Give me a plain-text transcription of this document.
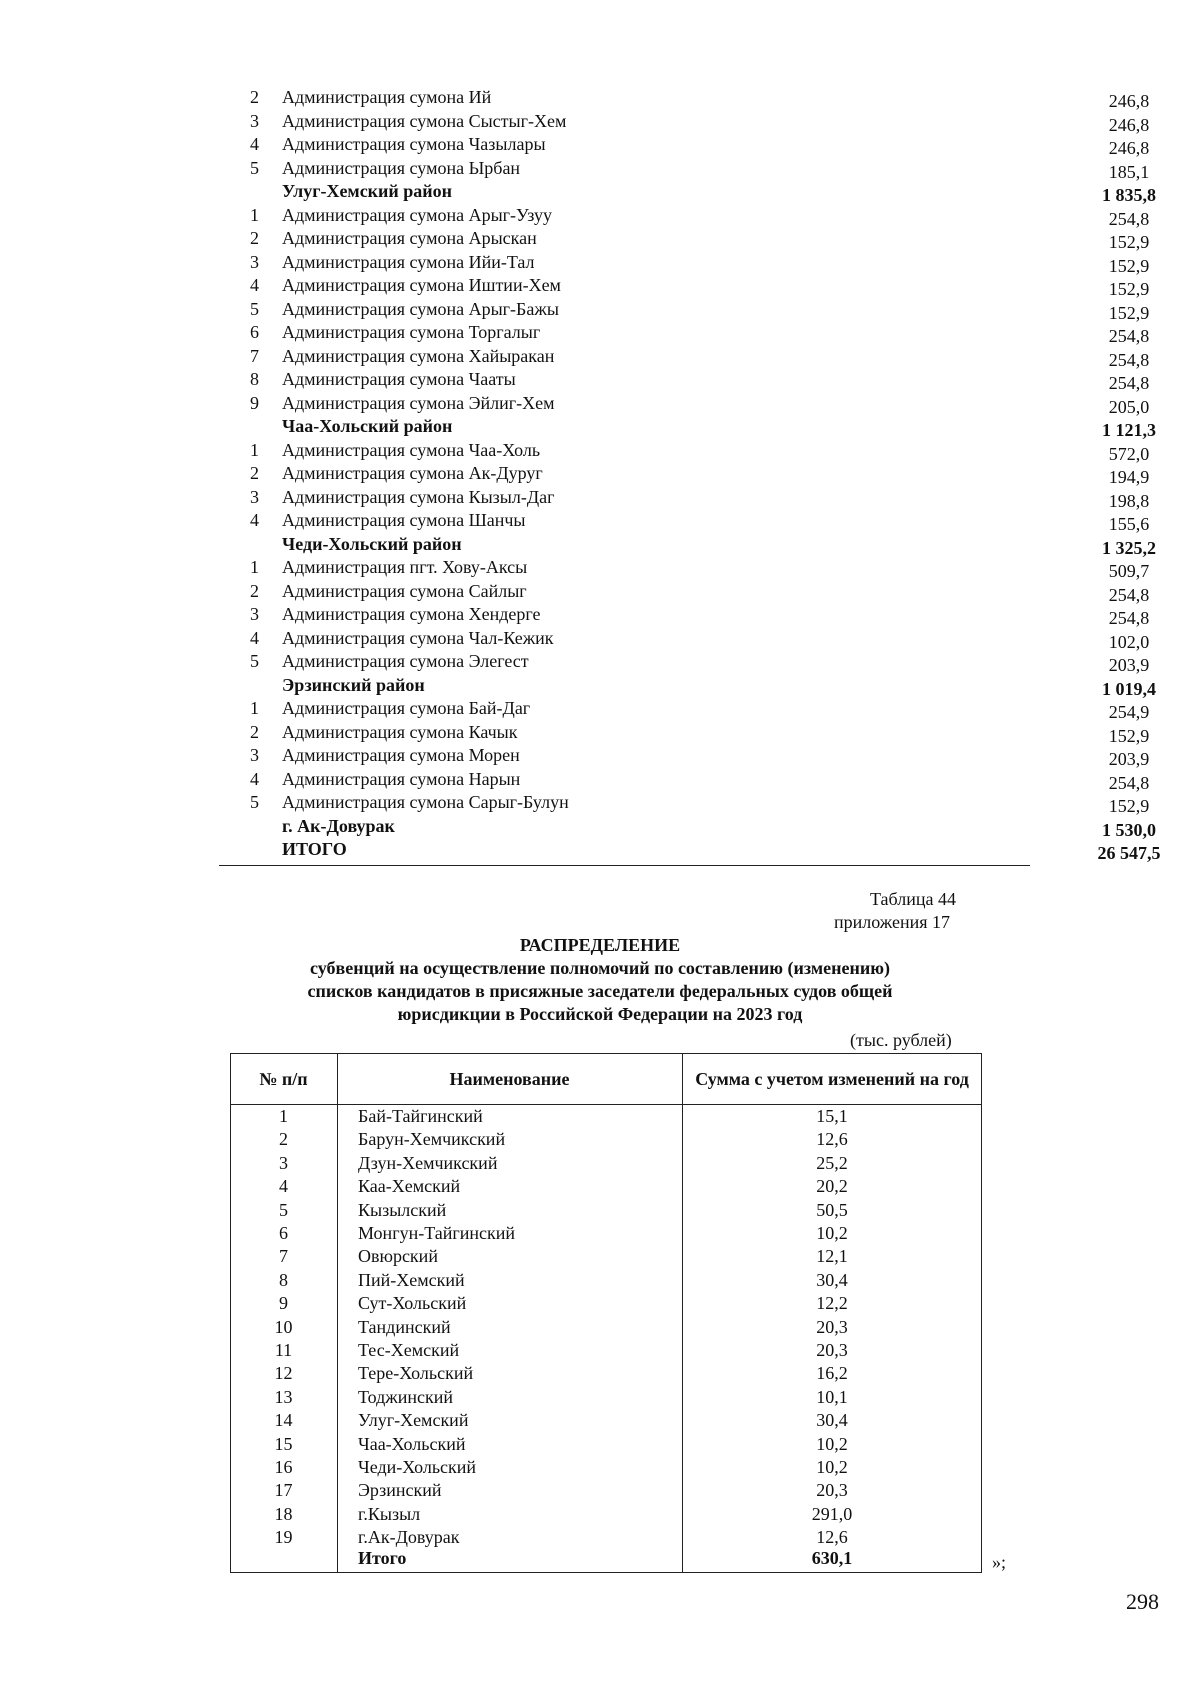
2	Администрация сумона Ий	246,8
3	Администрация сумона Сыстыг-Хем	246,8
4	Администрация сумона Чазылары	246,8
5	Администрация сумона Ырбан	185,1
Улуг-Хемский район	1 835,8
1	Администрация сумона Арыг-Узуу	254,8
2	Администрация сумона Арыскан	152,9
3	Администрация сумона Ийи-Тал	152,9
4	Администрация сумона Иштии-Хем	152,9
5	Администрация сумона Арыг-Бажы	152,9
6	Администрация сумона Торгалыг	254,8
7	Администрация сумона Хайыракан	254,8
8	Администрация сумона Чааты	254,8
9	Администрация сумона Эйлиг-Хем	205,0
Чаа-Хольский район	1 121,3
1	Администрация сумона Чаа-Холь	572,0
2	Администрация сумона Ак-Дуруг	194,9
3	Администрация сумона Кызыл-Даг	198,8
4	Администрация сумона Шанчы	155,6
Чеди-Хольский район	1 325,2
1	Администрация пгт. Хову-Аксы	509,7
2	Администрация сумона Сайлыг	254,8
3	Администрация сумона Хендерге	254,8
4	Администрация сумона Чал-Кежик	102,0
5	Администрация сумона Элегест	203,9
Эрзинский район	1 019,4
1	Администрация сумона Бай-Даг	254,9
2	Администрация сумона Качык	152,9
3	Администрация сумона Морен	203,9
4	Администрация сумона Нарын	254,8
5	Администрация сумона Сарыг-Булун	152,9
г. Ак-Довурак	1 530,0
ИТОГО	26 547,5
Таблица 44
приложения 17
РАСПРЕДЕЛЕНИЕ
субвенций на осуществление полномочий по составлению (изменению)
списков кандидатов в присяжные заседатели федеральных судов общей
юрисдикции в Российской Федерации на 2023 год
(тыс. рублей)
№ п/п	Наименование	Сумма с учетом изменений на год
1	Бай-Тайгинский	15,1
2	Барун-Хемчикский	12,6
3	Дзун-Хемчикский	25,2
4	Каа-Хемский	20,2
5	Кызылский	50,5
6	Монгун-Тайгинский	10,2
7	Овюрский	12,1
8	Пий-Хемский	30,4
9	Сут-Хольский	12,2
10	Тандинский	20,3
11	Тес-Хемский	20,3
12	Тере-Хольский	16,2
13	Тоджинский	10,1
14	Улуг-Хемский	30,4
15	Чаа-Хольский	10,2
16	Чеди-Хольский	10,2
17	Эрзинский	20,3
18	г.Кызыл	291,0
19	г.Ак-Довурак	12,6
Итого	630,1	»;
298
